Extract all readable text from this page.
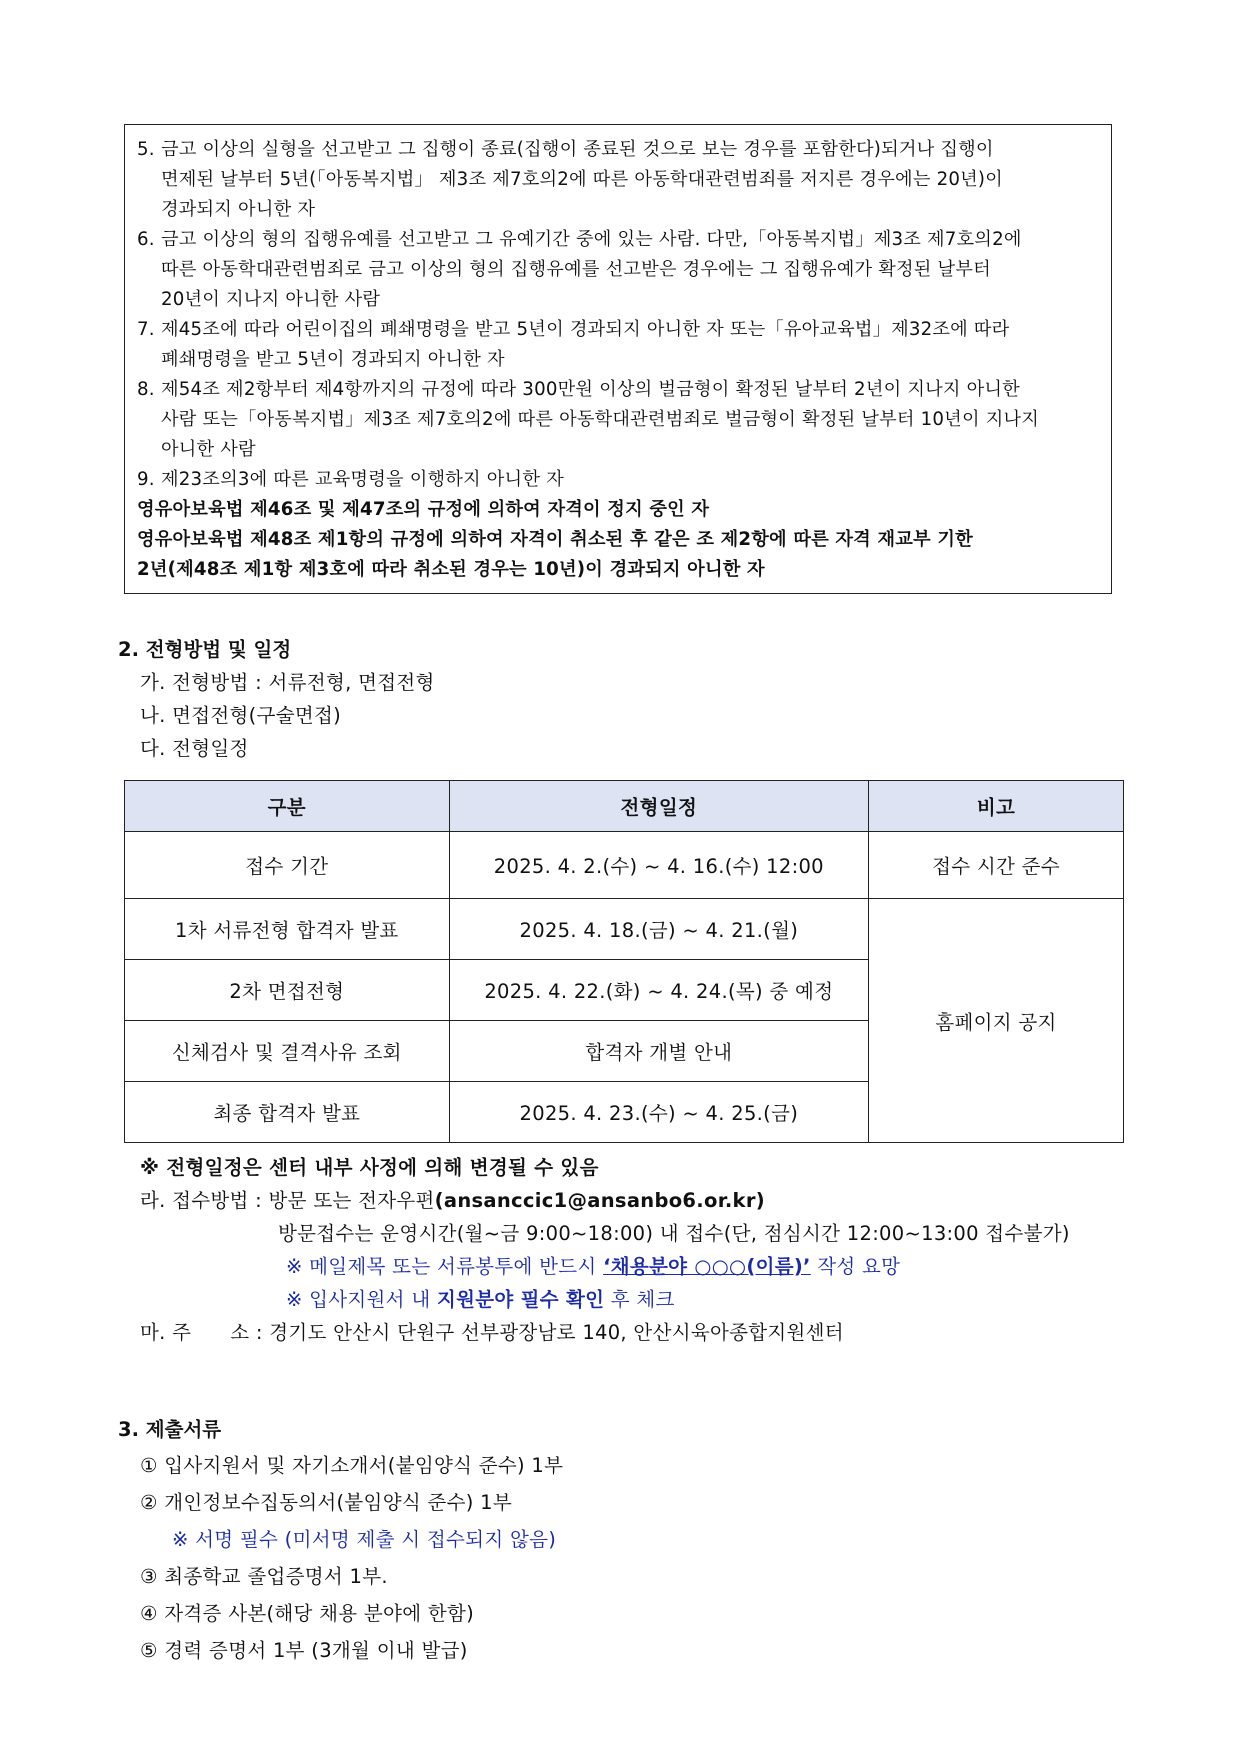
5. 금고 이상의 실형을 선고받고 그 집행이 종료(집행이 종료된 것으로 보는 경우를 포함한다)되거나 집행이
면제된 날부터 5년(「아동복지법」 제3조 제7호의2에 따른 아동학대관련범죄를 저지른 경우에는 20년)이
경과되지 아니한 자
6. 금고 이상의 형의 집행유예를 선고받고 그 유예기간 중에 있는 사람. 다만,「아동복지법」제3조 제7호의2에
따른 아동학대관련범죄로 금고 이상의 형의 집행유예를 선고받은 경우에는 그 집행유예가 확정된 날부터
20년이 지나지 아니한 사람
7. 제45조에 따라 어린이집의 폐쇄명령을 받고 5년이 경과되지 아니한 자 또는「유아교육법」제32조에 따라
폐쇄명령을 받고 5년이 경과되지 아니한 자
8. 제54조 제2항부터 제4항까지의 규정에 따라 300만원 이상의 벌금형이 확정된 날부터 2년이 지나지 아니한
사람 또는「아동복지법」제3조 제7호의2에 따른 아동학대관련범죄로 벌금형이 확정된 날부터 10년이 지나지
아니한 사람
9. 제23조의3에 따른 교육명령을 이행하지 아니한 자
영유아보육법 제46조 및 제47조의 규정에 의하여 자격이 정지 중인 자
영유아보육법 제48조 제1항의 규정에 의하여 자격이 취소된 후 같은 조 제2항에 따른 자격 재교부 기한
2년(제48조 제1항 제3호에 따라 취소된 경우는 10년)이 경과되지 아니한 자
2. 전형방법 및 일정
가. 전형방법 : 서류전형, 면접전형
나. 면접전형(구술면접)
다. 전형일정
구분	전형일정	비고
접수 기간	2025. 4. 2.(수) ~ 4. 16.(수) 12:00	접수 시간 준수
1차 서류전형 합격자 발표	2025. 4. 18.(금) ~ 4. 21.(월)	홈페이지 공지
2차 면접전형	2025. 4. 22.(화) ~ 4. 24.(목) 중 예정	
신체검사 및 결격사유 조회	합격자 개별 안내	
최종 합격자 발표	2025. 4. 23.(수) ~ 4. 25.(금)	
※ 전형일정은 센터 내부 사정에 의해 변경될 수 있음
라. 접수방법 : 방문 또는 전자우편(ansanccic1@ansanbo6.or.kr)
방문접수는 운영시간(월~금 9:00~18:00) 내 접수(단, 점심시간 12:00~13:00 접수불가)
※ 메일제목 또는 서류봉투에 반드시 ‘채용분야 ○○○(이름)’ 작성 요망
※ 입사지원서 내 지원분야 필수 확인 후 체크
마. 주      소 : 경기도 안산시 단원구 선부광장남로 140, 안산시육아종합지원센터
3. 제출서류
① 입사지원서 및 자기소개서(붙임양식 준수) 1부
② 개인정보수집동의서(붙임양식 준수) 1부
※ 서명 필수 (미서명 제출 시 접수되지 않음)
③ 최종학교 졸업증명서 1부.
④ 자격증 사본(해당 채용 분야에 한함)
⑤ 경력 증명서 1부 (3개월 이내 발급)
